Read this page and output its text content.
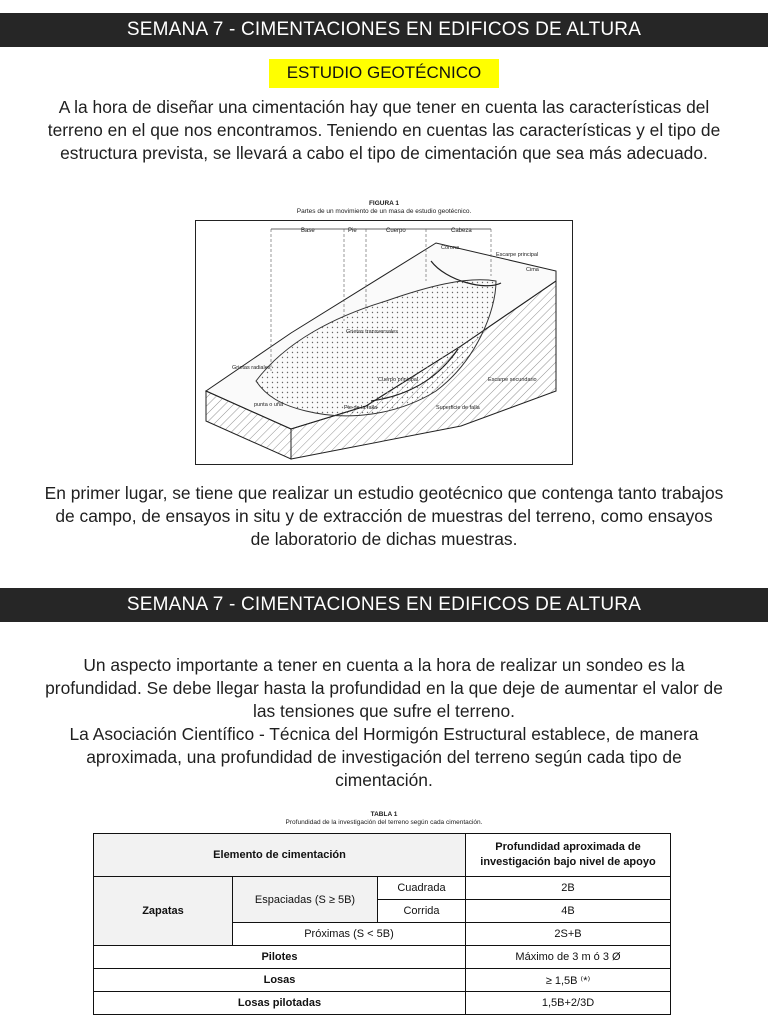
SEMANA 7 - CIMENTACIONES EN EDIFICOS DE ALTURA
ESTUDIO GEOTÉCNICO

A la hora de diseñar una cimentación hay que tener en cuenta las características del terreno en el que nos encontramos. Teniendo en cuentas las características y el tipo de estructura prevista, se llevará a cabo el tipo de cimentación que sea más adecuado.

FIGURA 1
Partes de un movimiento de un masa de estudio geotécnico.
Base	Pie	Cuerpo	Cabeza
Corona
Escarpe principal
Cima
Grietas transversales
Grietas radiales
Cuerpo principal	Escarpe secundario
punta o uña	Pie de la falla	Superficie de falla

En primer lugar, se tiene que realizar un estudio geotécnico que contenga tanto trabajos de campo, de ensayos in situ y de extracción de muestras del terreno, como ensayos de laboratorio de dichas muestras.

SEMANA 7 - CIMENTACIONES EN EDIFICOS DE ALTURA

Un aspecto importante a tener en cuenta a la hora de realizar un sondeo es la profundidad. Se debe llegar hasta la profundidad en la que deje de aumentar el valor de las tensiones que sufre el terreno.

La Asociación Científico - Técnica del Hormigón Estructural establece, de manera aproximada, una profundidad de investigación del terreno según cada tipo de cimentación.

TABLA 1
Profundidad de la investigación del terreno según cada cimentación.
Elemento de cimentación			Profundidad aproximada de investigación bajo nivel de apoyo
Zapatas	Espaciadas (S ≥ 5B)	Cuadrada	2B
		Corrida	4B
	Próximas (S < 5B)		2S+B
Pilotes			Máximo de 3 m ó 3 Ø
Losas			≥ 1,5B ⁽*⁾
Losas pilotadas			1,5B+2/3D
